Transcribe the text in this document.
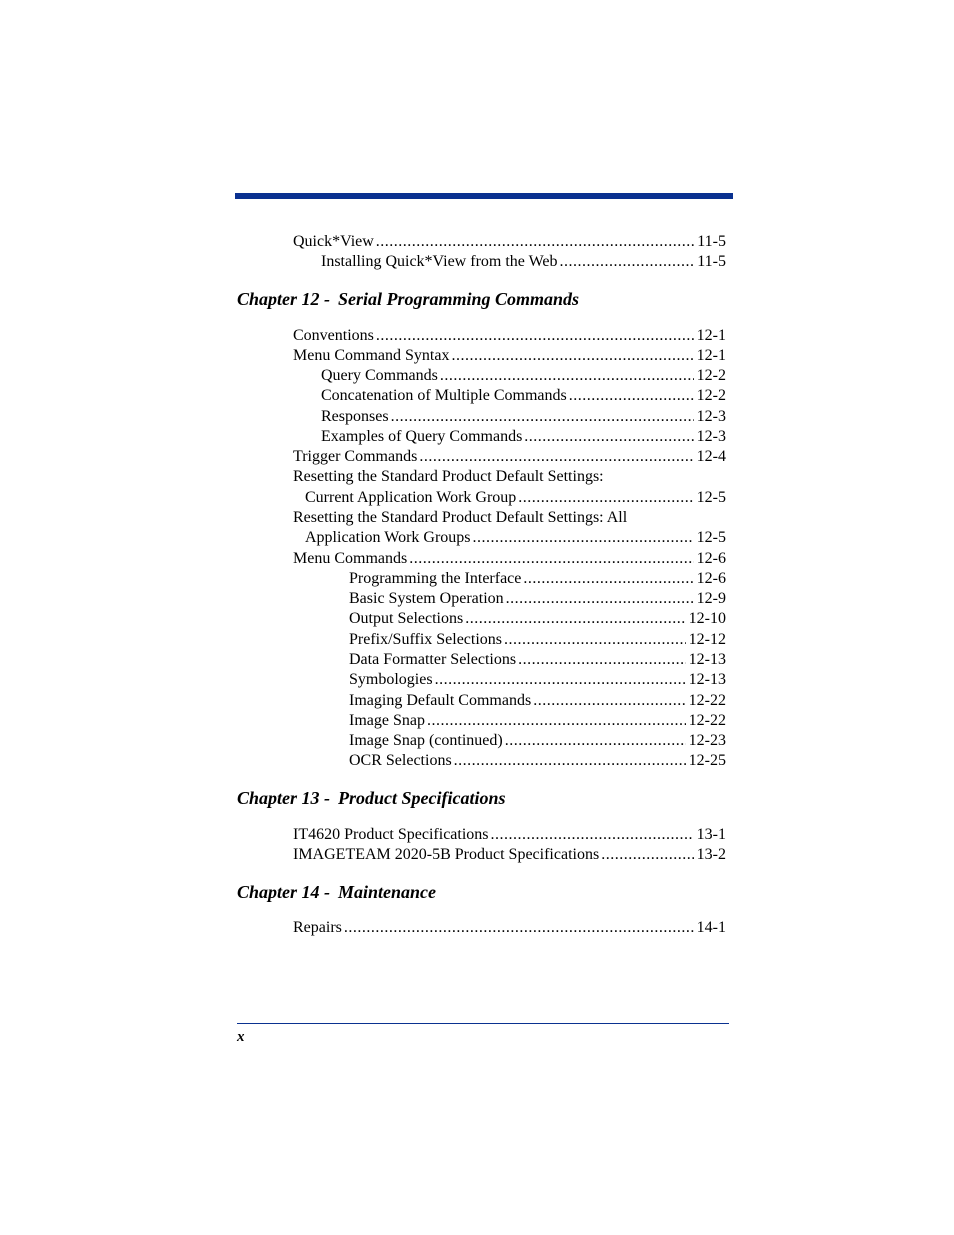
Quick*View .....	11-5
Installing Quick*View from the Web .....	11-5
Chapter 12 - Serial Programming Commands
Conventions .....	12-1
Menu Command Syntax .....	12-1
Query Commands .....	12-2
Concatenation of Multiple Commands .....	12-2
Responses .....	12-3
Examples of Query Commands .....	12-3
Trigger Commands .....	12-4
Resetting the Standard Product Default Settings:
Current Application Work Group .....	12-5
Resetting the Standard Product Default Settings: All
Application Work Groups .....	12-5
Menu Commands .....	12-6
Programming the Interface .....	12-6
Basic System Operation .....	12-9
Output Selections .....	12-10
Prefix/Suffix Selections .....	12-12
Data Formatter Selections .....	12-13
Symbologies .....	12-13
Imaging Default Commands .....	12-22
Image Snap .....	12-22
Image Snap (continued) .....	12-23
OCR Selections .....	12-25
Chapter 13 - Product Specifications
IT4620 Product Specifications .....	13-1
IMAGETEAM 2020-5B Product Specifications .....	13-2
Chapter 14 - Maintenance
Repairs .....	14-1
x
